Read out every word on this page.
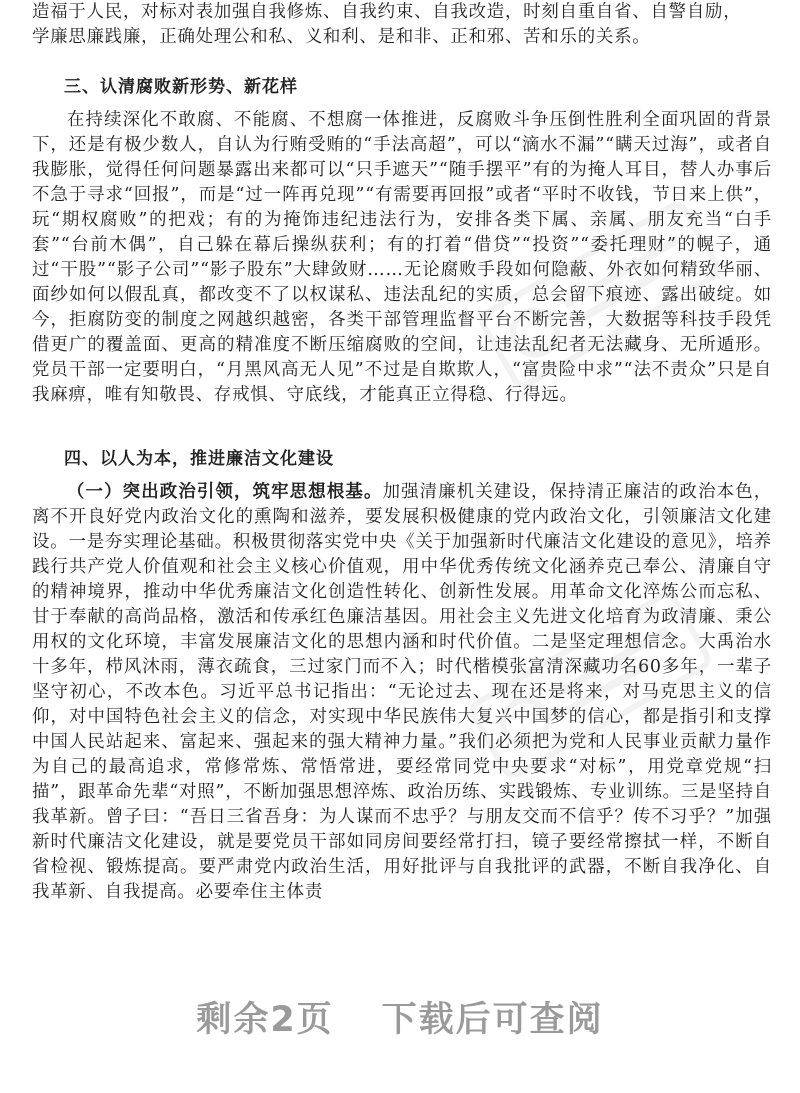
造福于人民，对标对表加强自我修炼、自我约束、自我改造，时刻自重自省、自警自励，
学廉思廉践廉，正确处理公和私、义和利、是和非、正和邪、苦和乐的关系。
三、认清腐败新形势、新花样

在持续深化不敢腐、不能腐、不想腐一体推进，反腐败斗争压倒性胜利全面巩固的背景下，还是有极少数人，自认为行贿受贿的“手法高超”，可以“滴水不漏”“瞒天过海”，或者自我膨胀，觉得任何问题暴露出来都可以“只手遮天”“随手摆平”有的为掩人耳目，替人办事后不急于寻求“回报”，而是“过一阵再兑现”“有需要再回报”或者“平时不收钱，节日来上供”，玩“期权腐败”的把戏；有的为掩饰违纪违法行为，安排各类下属、亲属、朋友充当“白手套”“台前木偶”，自己躲在幕后操纵获利；有的打着“借贷”“投资”“委托理财”的幌子，通过“干股”“影子公司”“影子股东”大肆敛财……无论腐败手段如何隐蔽、外衣如何精致华丽、面纱如何以假乱真，都改变不了以权谋私、违法乱纪的实质，总会留下痕迹、露出破绽。如今，拒腐防变的制度之网越织越密，各类干部管理监督平台不断完善，大数据等科技手段凭借更广的覆盖面、更高的精准度不断压缩腐败的空间，让违法乱纪者无法藏身、无所遁形。党员干部一定要明白，“月黑风高无人见”不过是自欺欺人，“富贵险中求”“法不责众”只是自我麻痹，唯有知敬畏、存戒惧、守底线，才能真正立得稳、行得远。

四、以人为本，推进廉洁文化建设

（一）突出政治引领，筑牢思想根基。加强清廉机关建设，保持清正廉洁的政治本色，离不开良好党内政治文化的熏陶和滋养，要发展积极健康的党内政治文化，引领廉洁文化建设。一是夯实理论基础。积极贯彻落实党中央《关于加强新时代廉洁文化建设的意见》，培养践行共产党人价值观和社会主义核心价值观，用中华优秀传统文化涵养克己奉公、清廉自守的精神境界，推动中华优秀廉洁文化创造性转化、创新性发展。用革命文化淬炼公而忘私、甘于奉献的高尚品格，激活和传承红色廉洁基因。用社会主义先进文化培育为政清廉、秉公用权的文化环境，丰富发展廉洁文化的思想内涵和时代价值。二是坚定理想信念。大禹治水十多年，栉风沐雨，薄衣疏食，三过家门而不入；时代楷模张富清深藏功名60多年，一辈子坚守初心，不改本色。习近平总书记指出：“无论过去、现在还是将来，对马克思主义的信仰，对中国特色社会主义的信念，对实现中华民族伟大复兴中国梦的信心，都是指引和支撑中国人民站起来、富起来、强起来的强大精神力量。”我们必须把为党和人民事业贡献力量作为自己的最高追求，常修常炼、常悟常进，要经常同党中央要求“对标”，用党章党规“扫描”，跟革命先辈“对照”，不断加强思想淬炼、政治历练、实践锻炼、专业训练。三是坚持自我革新。曾子曰：“吾日三省吾身：为人谋而不忠乎？与朋友交而不信乎？传不习乎？”加强新时代廉洁文化建设，就是要党员干部如同房间要经常打扫，镜子要经常擦拭一样，不断自省检视、锻炼提高。要严肃党内政治生活，用好批评与自我批评的武器，不断自我净化、自我革新、自我提高。必要牵住主体责

剩余2页 下载后可查阅
